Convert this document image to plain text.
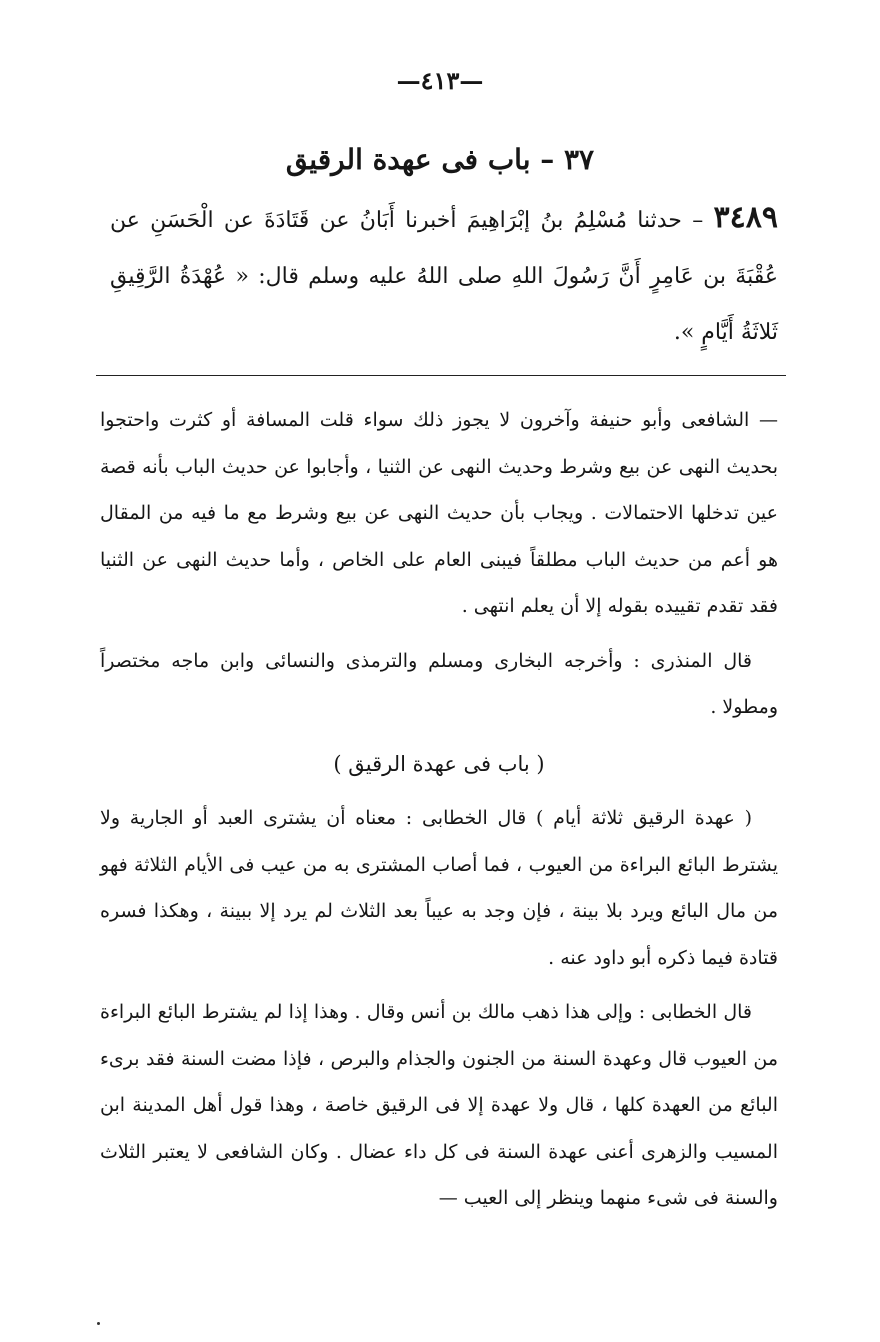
—٤١٣—
٣٧ – باب فى عهدة الرقيق
٣٤٨٩ – حدثنا مُسْلِمُ بنُ إبْرَاهِيمَ أخبرنا أَبَانُ عن قَتَادَةَ عن الْحَسَنِ عن عُقْبَةَ بن عَامِرٍ أَنَّ رَسُولَ اللهِ صلى اللهُ عليه وسلم قال: « عُهْدَةُ الرَّقِيقِ ثَلاثَةُ أَيَّامٍ ».

— الشافعى وأبو حنيفة وآخرون لا يجوز ذلك سواء قلت المسافة أو كثرت واحتجوا بحديث النهى عن بيع وشرط وحديث النهى عن الثنيا ، وأجابوا عن حديث الباب بأنه قصة عين تدخلها الاحتمالات . ويجاب بأن حديث النهى عن بيع وشرط مع ما فيه من المقال هو أعم من حديث الباب مطلقاً فيبنى العام على الخاص ، وأما حديث النهى عن الثنيا فقد تقدم تقييده بقوله إلا أن يعلم انتهى .

قال المنذرى : وأخرجه البخارى ومسلم والترمذى والنسائى وابن ماجه مختصراً ومطولا .

( باب فى عهدة الرقيق )

( عهدة الرقيق ثلاثة أيام ) قال الخطابى : معناه أن يشترى العبد أو الجارية ولا يشترط البائع البراءة من العيوب ، فما أصاب المشترى به من عيب فى الأيام الثلاثة فهو من مال البائع ويرد بلا بينة ، فإن وجد به عيباً بعد الثلاث لم يرد إلا ببينة ، وهكذا فسره قتادة فيما ذكره أبو داود عنه .

قال الخطابى : وإلى هذا ذهب مالك بن أنس وقال . وهذا إذا لم يشترط البائع البراءة من العيوب قال وعهدة السنة من الجنون والجذام والبرص ، فإذا مضت السنة فقد برىء البائع من العهدة كلها ، قال ولا عهدة إلا فى الرقيق خاصة ، وهذا قول أهل المدينة ابن المسيب والزهرى أعنى عهدة السنة فى كل داء عضال . وكان الشافعى لا يعتبر الثلاث والسنة فى شىء منهما وينظر إلى العيب —
